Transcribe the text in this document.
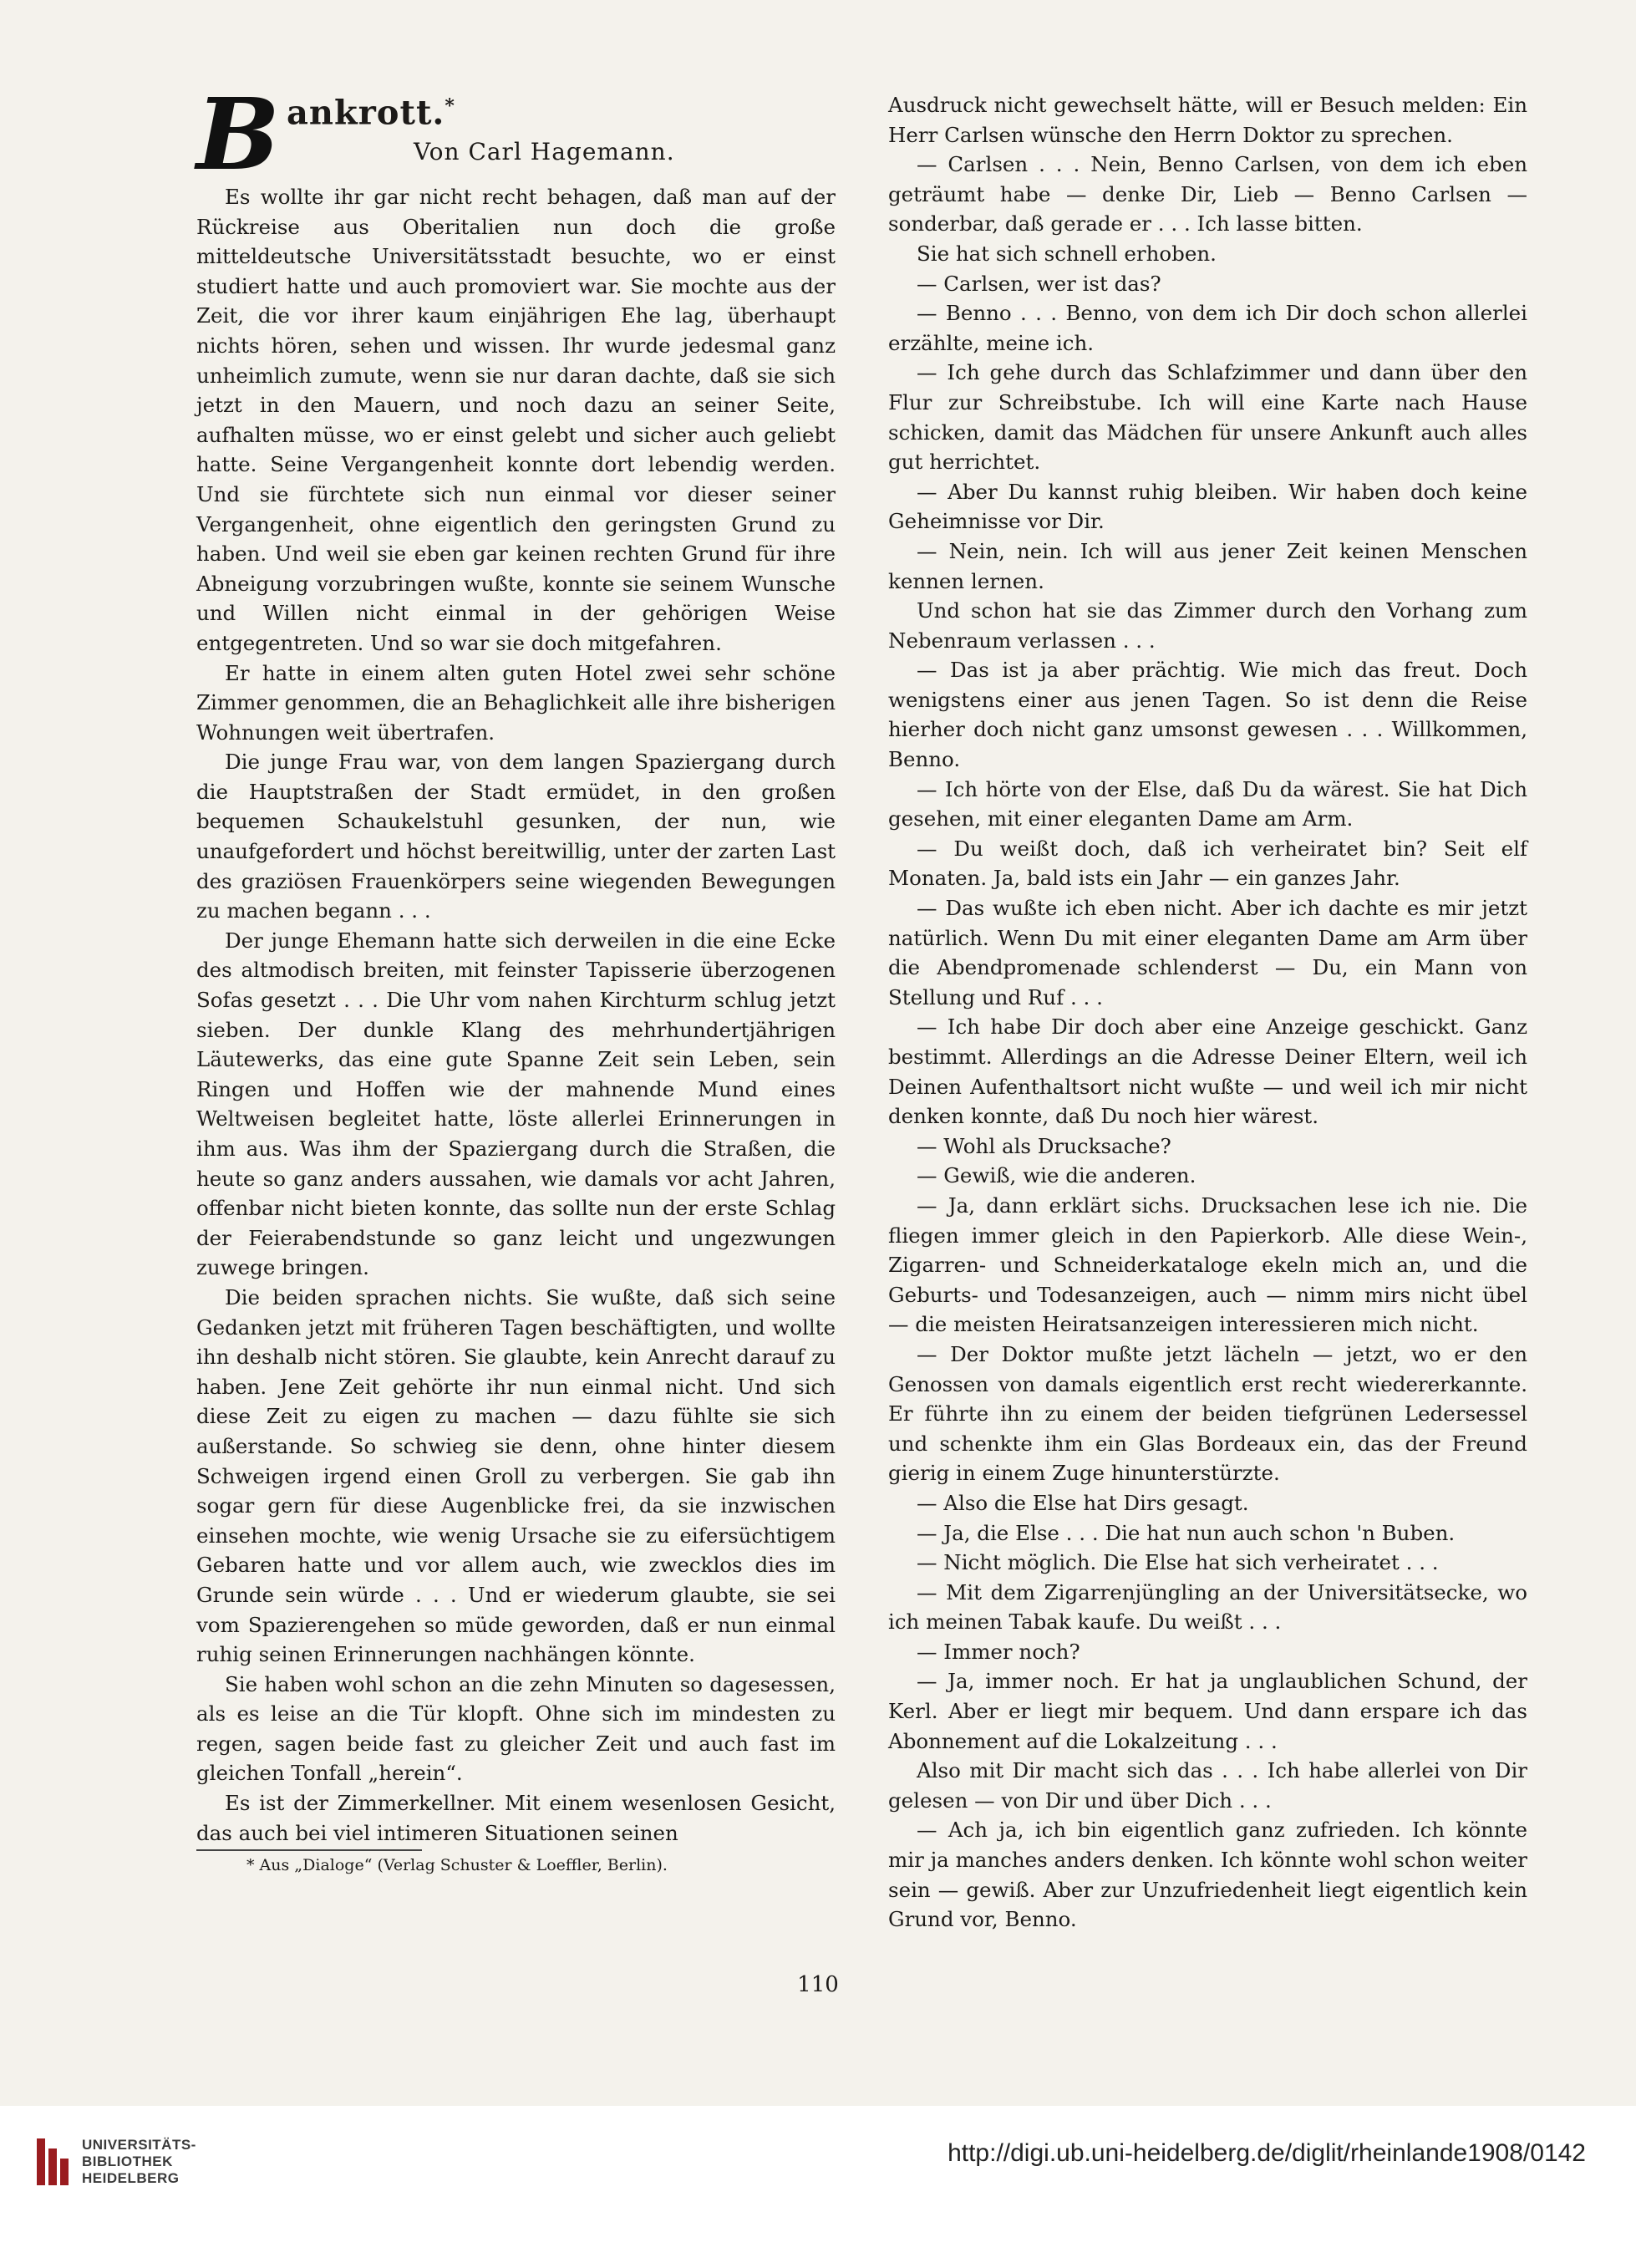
B ankrott.*
Von Carl Hagemann.

Es wollte ihr gar nicht recht behagen, daß man auf der Rückreise aus Oberitalien nun doch die große mitteldeutsche Universitätsstadt besuchte, wo er einst studiert hatte und auch promoviert war. Sie mochte aus der Zeit, die vor ihrer kaum einjährigen Ehe lag, überhaupt nichts hören, sehen und wissen. Ihr wurde jedesmal ganz unheimlich zumute, wenn sie nur daran dachte, daß sie sich jetzt in den Mauern, und noch dazu an seiner Seite, aufhalten müsse, wo er einst gelebt und sicher auch geliebt hatte. Seine Vergangenheit konnte dort lebendig werden. Und sie fürchtete sich nun einmal vor dieser seiner Vergangenheit, ohne eigentlich den geringsten Grund zu haben. Und weil sie eben gar keinen rechten Grund für ihre Abneigung vorzubringen wußte, konnte sie seinem Wunsche und Willen nicht einmal in der gehörigen Weise entgegentreten. Und so war sie doch mitgefahren.

Er hatte in einem alten guten Hotel zwei sehr schöne Zimmer genommen, die an Behaglichkeit alle ihre bisherigen Wohnungen weit übertrafen.

Die junge Frau war, von dem langen Spaziergang durch die Hauptstraßen der Stadt ermüdet, in den großen bequemen Schaukelstuhl gesunken, der nun, wie unaufgefordert und höchst bereitwillig, unter der zarten Last des graziösen Frauenkörpers seine wiegenden Bewegungen zu machen begann . . .

Der junge Ehemann hatte sich derweilen in die eine Ecke des altmodisch breiten, mit feinster Tapisserie überzogenen Sofas gesetzt . . . Die Uhr vom nahen Kirchturm schlug jetzt sieben. Der dunkle Klang des mehrhundertjährigen Läutewerks, das eine gute Spanne Zeit sein Leben, sein Ringen und Hoffen wie der mahnende Mund eines Weltweisen begleitet hatte, löste allerlei Erinnerungen in ihm aus. Was ihm der Spaziergang durch die Straßen, die heute so ganz anders aussahen, wie damals vor acht Jahren, offenbar nicht bieten konnte, das sollte nun der erste Schlag der Feierabendstunde so ganz leicht und ungezwungen zuwege bringen.

Die beiden sprachen nichts. Sie wußte, daß sich seine Gedanken jetzt mit früheren Tagen beschäftigten, und wollte ihn deshalb nicht stören. Sie glaubte, kein Anrecht darauf zu haben. Jene Zeit gehörte ihr nun einmal nicht. Und sich diese Zeit zu eigen zu machen — dazu fühlte sie sich außerstande. So schwieg sie denn, ohne hinter diesem Schweigen irgend einen Groll zu verbergen. Sie gab ihn sogar gern für diese Augenblicke frei, da sie inzwischen einsehen mochte, wie wenig Ursache sie zu eifersüchtigem Gebaren hatte und vor allem auch, wie zwecklos dies im Grunde sein würde . . . Und er wiederum glaubte, sie sei vom Spazierengehen so müde geworden, daß er nun einmal ruhig seinen Erinnerungen nachhängen könnte.

Sie haben wohl schon an die zehn Minuten so dagesessen, als es leise an die Tür klopft. Ohne sich im mindesten zu regen, sagen beide fast zu gleicher Zeit und auch fast im gleichen Tonfall „herein“.

Es ist der Zimmerkellner. Mit einem wesenlosen Gesicht, das auch bei viel intimeren Situationen seinen

* Aus „Dialoge“ (Verlag Schuster & Loeffler, Berlin).

Ausdruck nicht gewechselt hätte, will er Besuch melden: Ein Herr Carlsen wünsche den Herrn Doktor zu sprechen.

— Carlsen . . . Nein, Benno Carlsen, von dem ich eben geträumt habe — denke Dir, Lieb — Benno Carlsen — sonderbar, daß gerade er . . . Ich lasse bitten.

Sie hat sich schnell erhoben.

— Carlsen, wer ist das?

— Benno . . . Benno, von dem ich Dir doch schon allerlei erzählte, meine ich.

— Ich gehe durch das Schlafzimmer und dann über den Flur zur Schreibstube. Ich will eine Karte nach Hause schicken, damit das Mädchen für unsere Ankunft auch alles gut herrichtet.

— Aber Du kannst ruhig bleiben. Wir haben doch keine Geheimnisse vor Dir.

— Nein, nein. Ich will aus jener Zeit keinen Menschen kennen lernen.

Und schon hat sie das Zimmer durch den Vorhang zum Nebenraum verlassen . . .

— Das ist ja aber prächtig. Wie mich das freut. Doch wenigstens einer aus jenen Tagen. So ist denn die Reise hierher doch nicht ganz umsonst gewesen . . . Willkommen, Benno.

— Ich hörte von der Else, daß Du da wärest. Sie hat Dich gesehen, mit einer eleganten Dame am Arm.

— Du weißt doch, daß ich verheiratet bin? Seit elf Monaten. Ja, bald ists ein Jahr — ein ganzes Jahr.

— Das wußte ich eben nicht. Aber ich dachte es mir jetzt natürlich. Wenn Du mit einer eleganten Dame am Arm über die Abendpromenade schlenderst — Du, ein Mann von Stellung und Ruf . . .

— Ich habe Dir doch aber eine Anzeige geschickt. Ganz bestimmt. Allerdings an die Adresse Deiner Eltern, weil ich Deinen Aufenthaltsort nicht wußte — und weil ich mir nicht denken konnte, daß Du noch hier wärest.

— Wohl als Drucksache?

— Gewiß, wie die anderen.

— Ja, dann erklärt sichs. Drucksachen lese ich nie. Die fliegen immer gleich in den Papierkorb. Alle diese Wein-, Zigarren- und Schneiderkataloge ekeln mich an, und die Geburts- und Todesanzeigen, auch — nimm mirs nicht übel — die meisten Heiratsanzeigen interessieren mich nicht.

— Der Doktor mußte jetzt lächeln — jetzt, wo er den Genossen von damals eigentlich erst recht wiedererkannte. Er führte ihn zu einem der beiden tiefgrünen Ledersessel und schenkte ihm ein Glas Bordeaux ein, das der Freund gierig in einem Zuge hinunterstürzte.

— Also die Else hat Dirs gesagt.

— Ja, die Else . . . Die hat nun auch schon 'n Buben.

— Nicht möglich. Die Else hat sich verheiratet . . .

— Mit dem Zigarrenjüngling an der Universitätsecke, wo ich meinen Tabak kaufe. Du weißt . . .

— Immer noch?

— Ja, immer noch. Er hat ja unglaublichen Schund, der Kerl. Aber er liegt mir bequem. Und dann erspare ich das Abonnement auf die Lokalzeitung . . .

Also mit Dir macht sich das . . . Ich habe allerlei von Dir gelesen — von Dir und über Dich . . .

— Ach ja, ich bin eigentlich ganz zufrieden. Ich könnte mir ja manches anders denken. Ich könnte wohl schon weiter sein — gewiß. Aber zur Unzufriedenheit liegt eigentlich kein Grund vor, Benno.

110
UNIVERSITÄTS-
BIBLIOTHEK
HEIDELBERG
http://digi.ub.uni-heidelberg.de/diglit/rheinlande1908/0142
